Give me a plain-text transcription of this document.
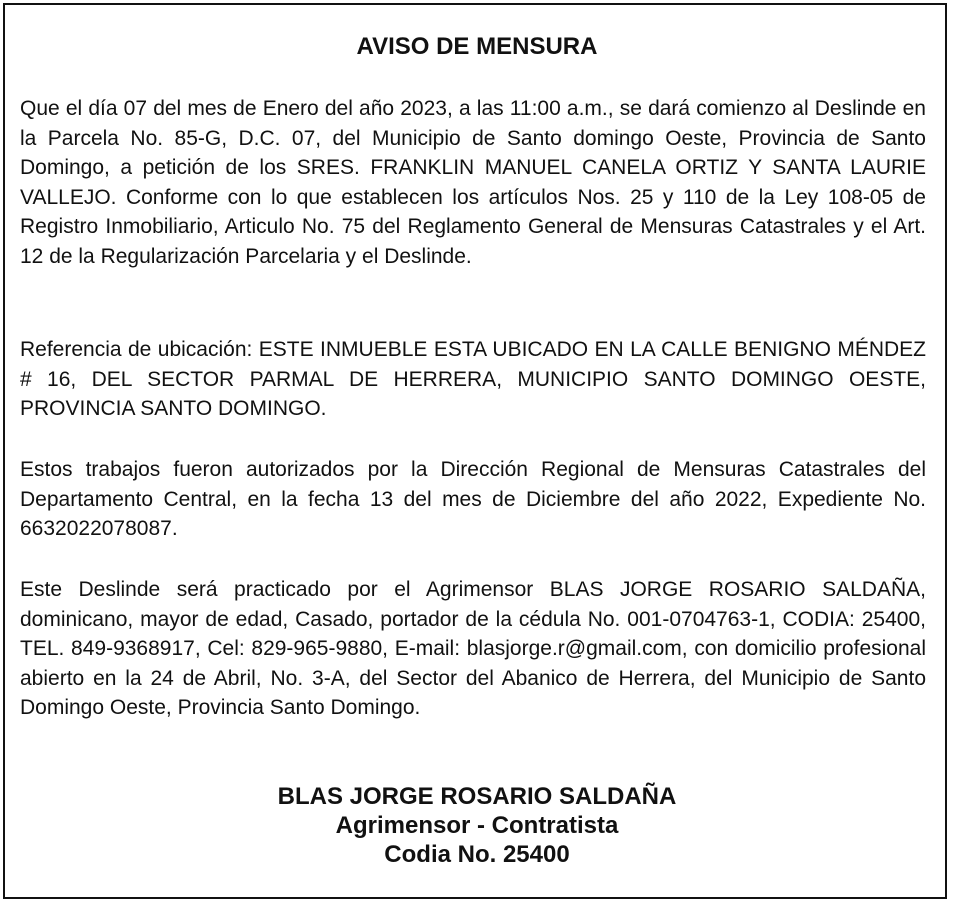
AVISO DE MENSURA

Que el día 07 del mes de Enero del año 2023, a las 11:00 a.m., se dará comienzo al Deslinde en la Parcela No. 85-G, D.C. 07, del Municipio de Santo domingo Oeste, Provincia de Santo Domingo, a petición de los SRES. FRANKLIN MANUEL CANELA ORTIZ Y SANTA LAURIE VALLEJO. Conforme con lo que establecen los artículos Nos. 25 y 110 de la Ley 108-05 de Registro Inmobiliario, Articulo No. 75 del Reglamento General de Mensuras Catastrales y el Art. 12 de la Regularización Parcelaria y el Deslinde.

Referencia de ubicación: ESTE INMUEBLE ESTA UBICADO EN LA CALLE BENIGNO MÉNDEZ # 16, DEL SECTOR PARMAL DE HERRERA, MUNICIPIO SANTO DOMINGO OESTE, PROVINCIA SANTO DOMINGO.

Estos trabajos fueron autorizados por la Dirección Regional de Mensuras Catastrales del Departamento Central, en la fecha 13 del mes de Diciembre del año 2022, Expediente No. 6632022078087.

Este Deslinde será practicado por el Agrimensor BLAS JORGE ROSARIO SALDAÑA, dominicano, mayor de edad, Casado, portador de la cédula No. 001-0704763-1, CODIA: 25400, TEL. 849-9368917, Cel: 829-965-9880, E-mail: blasjorge.r@gmail.com, con domicilio profesional abierto en la 24 de Abril, No. 3-A, del Sector del Abanico de Herrera, del Municipio de Santo Domingo Oeste, Provincia Santo Domingo.

BLAS JORGE ROSARIO SALDAÑA
Agrimensor - Contratista
Codia No. 25400
